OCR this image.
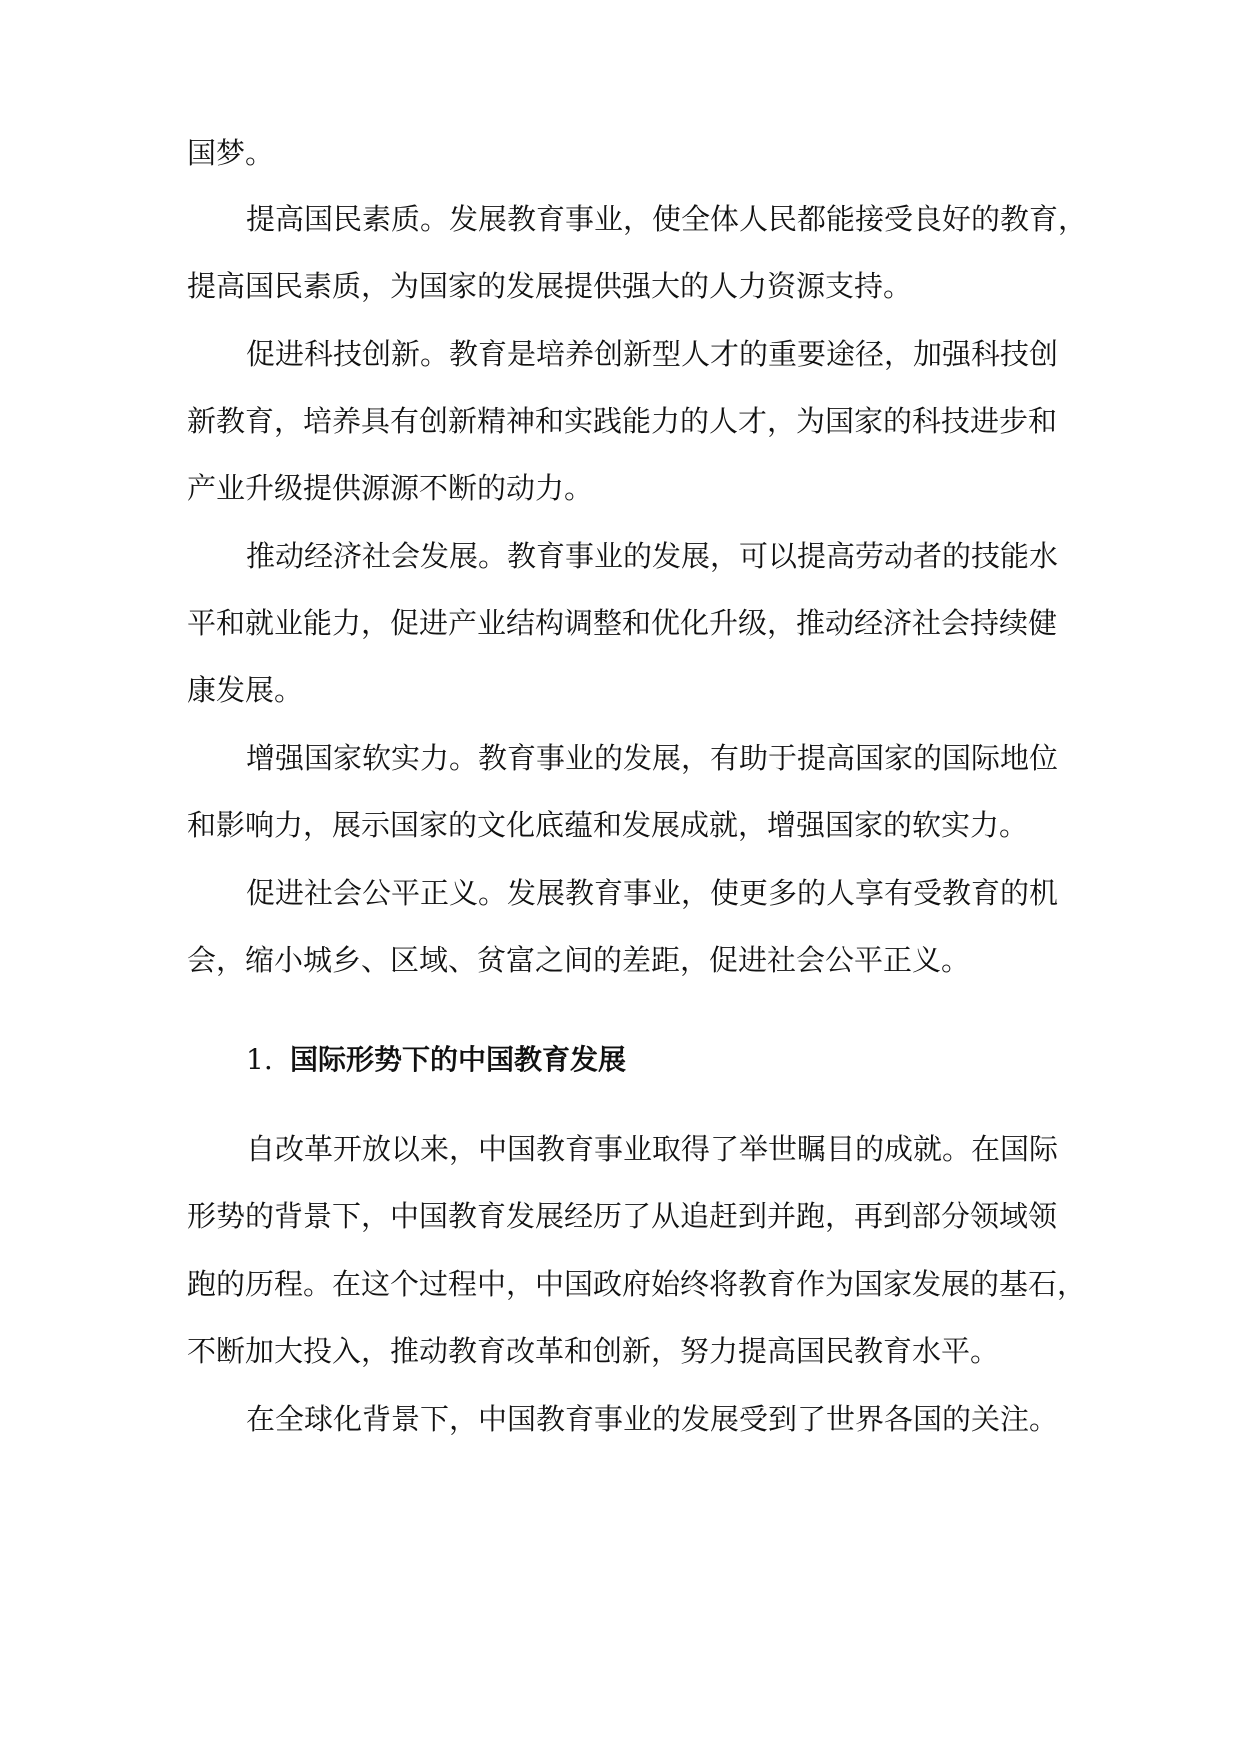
国梦。
提高国民素质。发展教育事业，使全体人民都能接受良好的教育，
提高国民素质，为国家的发展提供强大的人力资源支持。
促进科技创新。教育是培养创新型人才的重要途径，加强科技创
新教育，培养具有创新精神和实践能力的人才，为国家的科技进步和
产业升级提供源源不断的动力。
推动经济社会发展。教育事业的发展，可以提高劳动者的技能水
平和就业能力，促进产业结构调整和优化升级，推动经济社会持续健
康发展。
增强国家软实力。教育事业的发展，有助于提高国家的国际地位
和影响力，展示国家的文化底蕴和发展成就，增强国家的软实力。
促进社会公平正义。发展教育事业，使更多的人享有受教育的机
会，缩小城乡、区域、贫富之间的差距，促进社会公平正义。
1. 国际形势下的中国教育发展
自改革开放以来，中国教育事业取得了举世瞩目的成就。在国际
形势的背景下，中国教育发展经历了从追赶到并跑，再到部分领域领
跑的历程。在这个过程中，中国政府始终将教育作为国家发展的基石，
不断加大投入，推动教育改革和创新，努力提高国民教育水平。
在全球化背景下，中国教育事业的发展受到了世界各国的关注。
